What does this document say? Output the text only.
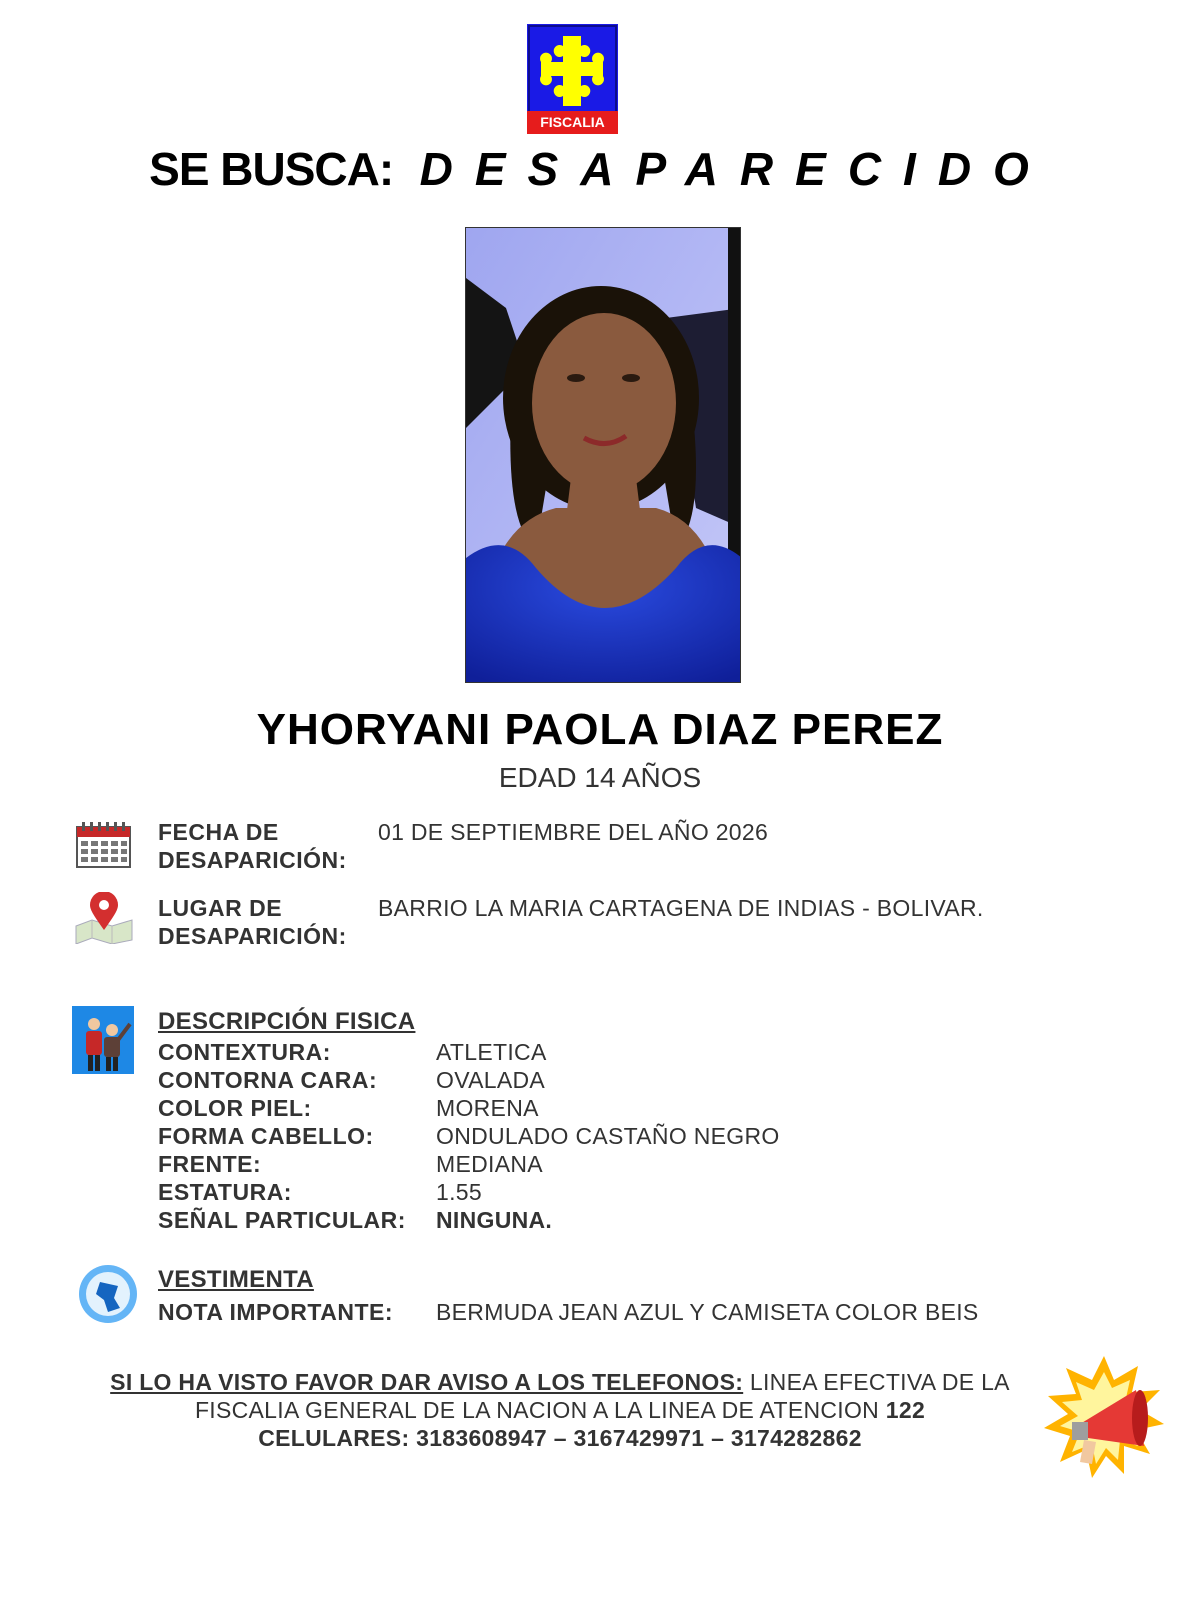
FISCALIA
SE BUSCA: DESAPARECIDO
YHORYANI PAOLA DIAZ PEREZ
EDAD 14 AÑOS
FECHA DE
DESAPARICIÓN:
01 DE SEPTIEMBRE DEL AÑO 2026
LUGAR DE
DESAPARICIÓN:
BARRIO LA MARIA CARTAGENA DE INDIAS - BOLIVAR.
DESCRIPCIÓN FISICA
CONTEXTURA:	ATLETICA
CONTORNA CARA:	OVALADA
COLOR PIEL:	MORENA
FORMA CABELLO:	ONDULADO CASTAÑO NEGRO
FRENTE:	MEDIANA
ESTATURA:	1.55
SEÑAL PARTICULAR: NINGUNA.
VESTIMENTA
NOTA IMPORTANTE: BERMUDA JEAN AZUL Y CAMISETA COLOR BEIS
SI LO HA VISTO FAVOR DAR AVISO A LOS TELEFONOS: LINEA EFECTIVA DE LA
FISCALIA GENERAL DE LA NACION A LA LINEA DE ATENCION 122
CELULARES: 3183608947 – 3167429971 – 3174282862
